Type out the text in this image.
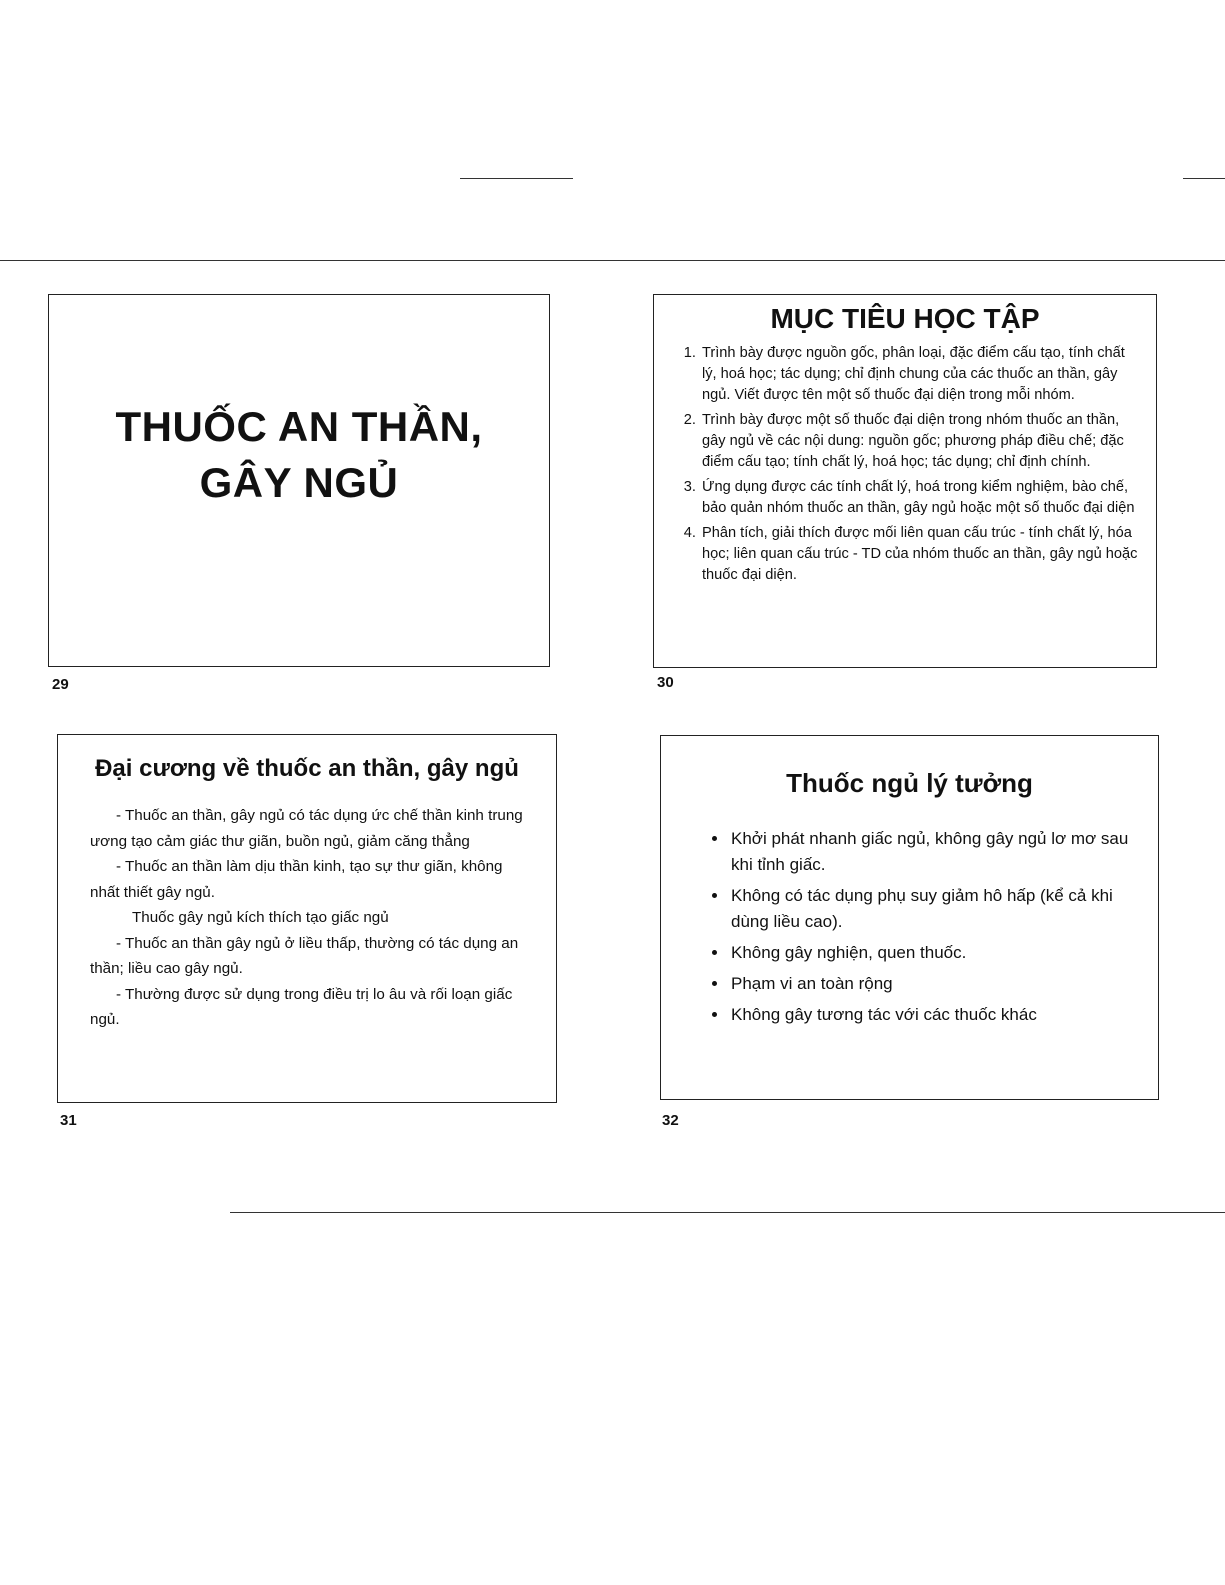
THUỐC AN THẦN,
GÂY NGỦ
29
MỤC TIÊU HỌC TẬP
1. Trình bày được nguồn gốc, phân loại, đặc điểm cấu tạo, tính chất lý, hoá học; tác dụng; chỉ định chung của các thuốc an thần, gây ngủ. Viết được tên một số thuốc đại diện trong mỗi nhóm.
2. Trình bày được một số thuốc đại diện trong nhóm thuốc an thần, gây ngủ về các nội dung: nguồn gốc; phương pháp điều chế; đặc điểm cấu tạo; tính chất lý, hoá học; tác dụng; chỉ định chính.
3. Ứng dụng được các tính chất lý, hoá trong kiểm nghiệm, bào chế, bảo quản nhóm thuốc an thần, gây ngủ hoặc một số thuốc đại diện
4. Phân tích, giải thích được mối liên quan cấu trúc - tính chất lý, hóa học; liên quan cấu trúc - TD của nhóm thuốc an thần, gây ngủ hoặc thuốc đại diện.
30
Đại cương về thuốc an thần, gây ngủ

- Thuốc an thần, gây ngủ có tác dụng ức chế thần kinh trung ương tạo cảm giác thư giãn, buồn ngủ, giảm căng thẳng

- Thuốc an thần làm dịu thần kinh, tạo sự thư giãn, không nhất thiết gây ngủ.

Thuốc gây ngủ kích thích tạo giấc ngủ

- Thuốc an thần gây ngủ ở liều thấp, thường có tác dụng an thần; liều cao gây ngủ.

- Thường được sử dụng trong điều trị lo âu và rối loạn giấc ngủ.

31
Thuốc ngủ lý tưởng
• Khởi phát nhanh giấc ngủ, không gây ngủ lơ mơ sau khi tỉnh giấc.
• Không có tác dụng phụ suy giảm hô hấp (kể cả khi dùng liều cao).
• Không gây nghiện, quen thuốc.
• Phạm vi an toàn rộng
• Không gây tương tác với các thuốc khác
32
